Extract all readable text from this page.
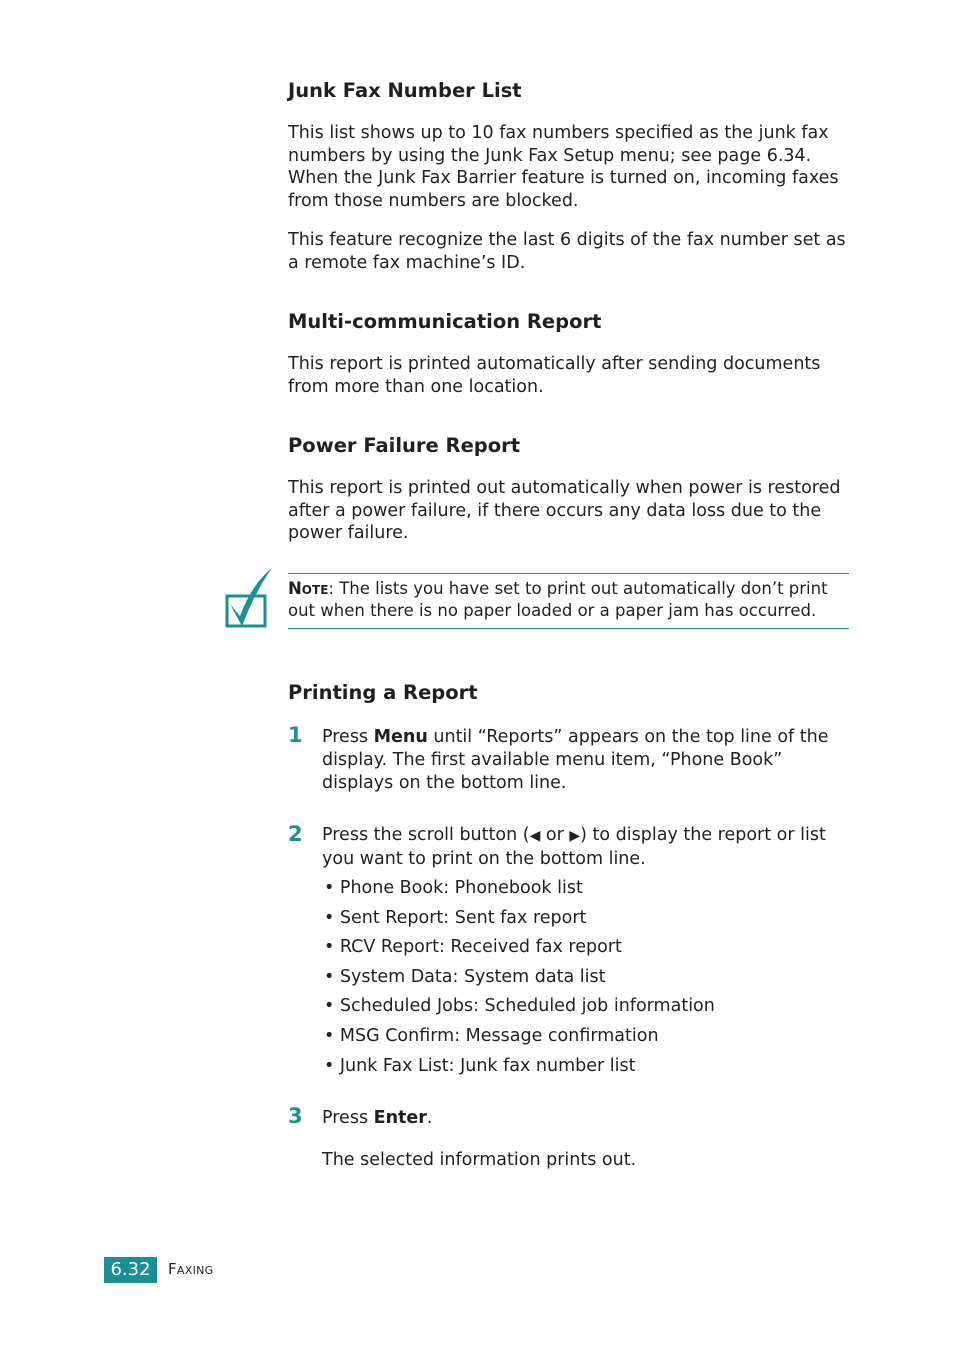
Junk Fax Number List
This list shows up to 10 fax numbers specified as the junk fax numbers by using the Junk Fax Setup menu; see page 6.34. When the Junk Fax Barrier feature is turned on, incoming faxes from those numbers are blocked.
This feature recognize the last 6 digits of the fax number set as a remote fax machine’s ID.
Multi-communication Report
This report is printed automatically after sending documents from more than one location.
Power Failure Report
This report is printed out automatically when power is restored after a power failure, if there occurs any data loss due to the power failure.
Note: The lists you have set to print out automatically don’t print out when there is no paper loaded or a paper jam has occurred.
Printing a Report
1 Press Menu until “Reports” appears on the top line of the display. The first available menu item, “Phone Book” displays on the bottom line.
2 Press the scroll button (◀ or ▶) to display the report or list you want to print on the bottom line.
• Phone Book: Phonebook list
• Sent Report: Sent fax report
• RCV Report: Received fax report
• System Data: System data list
• Scheduled Jobs: Scheduled job information
• MSG Confirm: Message confirmation
• Junk Fax List: Junk fax number list
3 Press Enter.
The selected information prints out.
6.32	Faxing
